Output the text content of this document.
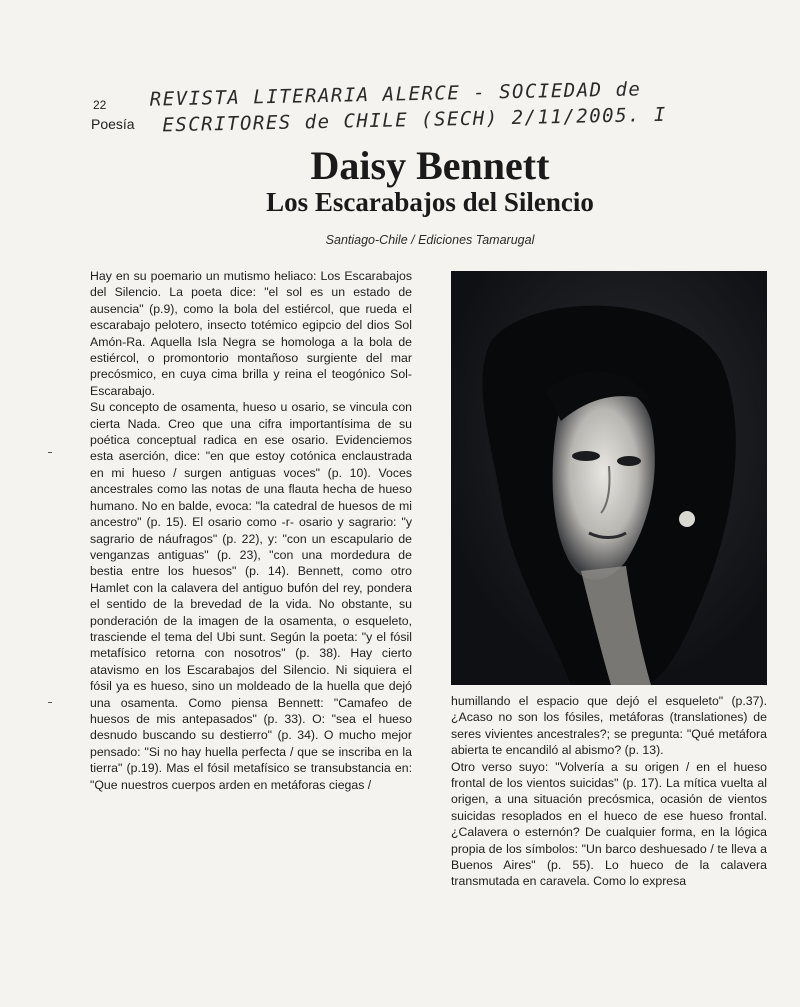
22
Poesía
REVISTA LITERARIA ALERCE - SOCIEDAD de
ESCRITORES de CHILE (SECH) 2/11/2005. I
Daisy Bennett
Los Escarabajos del Silencio
Santiago-Chile / Ediciones Tamarugal

Hay en su poemario un mutismo heliaco: Los Escarabajos del Silencio. La poeta dice: "el sol es un estado de ausencia" (p.9), como la bola del estiércol, que rueda el escarabajo pelotero, insecto totémico egipcio del dios Sol Amón-Ra. Aquella Isla Negra se homologa a la bola de estiércol, o promontorio montañoso surgiente del mar precósmico, en cuya cima brilla y reina el teogónico Sol-Escarabajo.

Su concepto de osamenta, hueso u osario, se vincula con cierta Nada. Creo que una cifra importantísima de su poética conceptual radica en ese osario. Evidenciemos esta aserción, dice: "en que estoy cotónica enclaustrada en mi hueso / surgen antiguas voces" (p. 10). Voces ancestrales como las notas de una flauta hecha de hueso humano. No en balde, evoca: "la catedral de huesos de mi ancestro" (p. 15). El osario como -r- osario y sagrario: "y sagrario de náufragos" (p. 22), y: "con un escapulario de venganzas antiguas" (p. 23), "con una mordedura de bestia entre los huesos" (p. 14). Bennett, como otro Hamlet con la calavera del antiguo bufón del rey, pondera el sentido de la brevedad de la vida. No obstante, su ponderación de la imagen de la osamenta, o esqueleto, trasciende el tema del Ubi sunt. Según la poeta: "y el fósil metafísico retorna con nosotros" (p. 38). Hay cierto atavismo en los Escarabajos del Silencio. Ni siquiera el fósil ya es hueso, sino un moldeado de la huella que dejó una osamenta. Como piensa Bennett: "Camafeo de huesos de mis antepasados" (p. 33). O: "sea el hueso desnudo buscando su destierro" (p. 34). O mucho mejor pensado: "Si no hay huella perfecta / que se inscriba en la tierra" (p.19). Mas el fósil metafísico se transubstancia en: "Que nuestros cuerpos arden en metáforas ciegas /

humillando el espacio que dejó el esqueleto" (p.37). ¿Acaso no son los fósiles, metáforas (translationes) de seres vivientes ancestrales?; se pregunta: "Qué metáfora abierta te encandiló al abismo? (p. 13).

Otro verso suyo: "Volvería a su origen / en el hueso frontal de los vientos suicidas" (p. 17). La mítica vuelta al origen, a una situación precósmica, ocasión de vientos suicidas resoplados en el hueco de ese hueso frontal. ¿Calavera o esternón? De cualquier forma, en la lógica propia de los símbolos: "Un barco deshuesado / te lleva a Buenos Aires" (p. 55). Lo hueco de la calavera transmutada en caravela. Como lo expresa
